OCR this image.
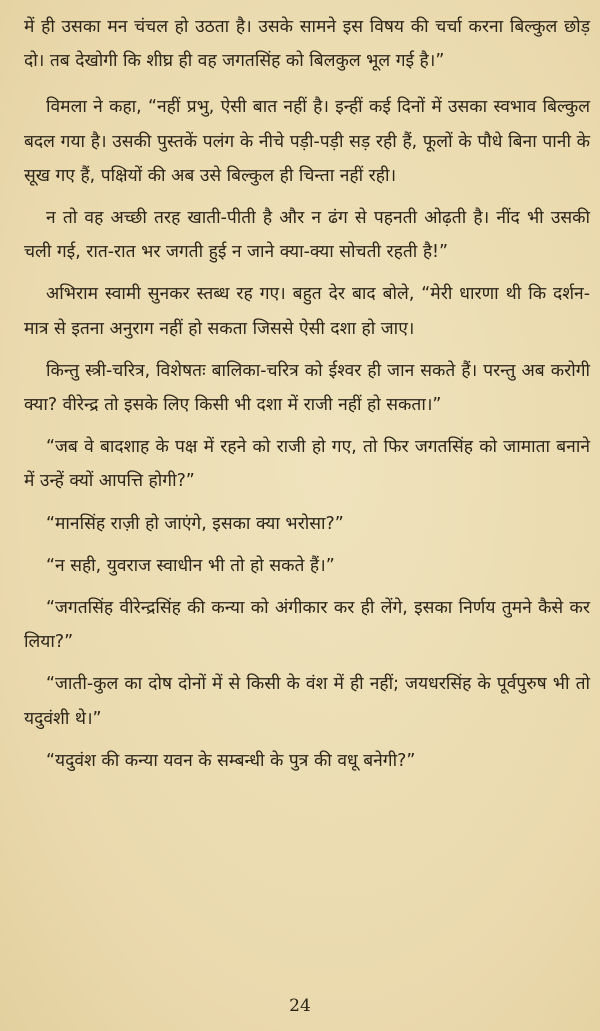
में ही उसका मन चंचल हो उठता है। उसके सामने इस विषय की चर्चा करना बिल्कुल छोड़ दो। तब देखोगी कि शीघ्र ही वह जगतसिंह को बिलकुल भूल गई है।”

विमला ने कहा, “नहीं प्रभु, ऐसी बात नहीं है। इन्हीं कई दिनों में उसका स्वभाव बिल्कुल बदल गया है। उसकी पुस्तकें पलंग के नीचे पड़ी-पड़ी सड़ रही हैं, फूलों के पौधे बिना पानी के सूख गए हैं, पक्षियों की अब उसे बिल्कुल ही चिन्ता नहीं रही।

न तो वह अच्छी तरह खाती-पीती है और न ढंग से पहनती ओढ़ती है। नींद भी उसकी चली गई, रात-रात भर जगती हुई न जाने क्या-क्या सोचती रहती है!”

अभिराम स्वामी सुनकर स्तब्ध रह गए। बहुत देर बाद बोले, “मेरी धारणा थी कि दर्शन-मात्र से इतना अनुराग नहीं हो सकता जिससे ऐसी दशा हो जाए।

किन्तु स्त्री-चरित्र, विशेषतः बालिका-चरित्र को ईश्वर ही जान सकते हैं। परन्तु अब करोगी क्या? वीरेन्द्र तो इसके लिए किसी भी दशा में राजी नहीं हो सकता।”

“जब वे बादशाह के पक्ष में रहने को राजी हो गए, तो फिर जगतसिंह को जामाता बनाने में उन्हें क्यों आपत्ति होगी?”

“मानसिंह राज़ी हो जाएंगे, इसका क्या भरोसा?”

“न सही, युवराज स्वाधीन भी तो हो सकते हैं।”

“जगतसिंह वीरेन्द्रसिंह की कन्या को अंगीकार कर ही लेंगे, इसका निर्णय तुमने कैसे कर लिया?”

“जाती-कुल का दोष दोनों में से किसी के वंश में ही नहीं; जयधरसिंह के पूर्वपुरुष भी तो यदुवंशी थे।”

“यदुवंश की कन्या यवन के सम्बन्धी के पुत्र की वधू बनेगी?”

24
